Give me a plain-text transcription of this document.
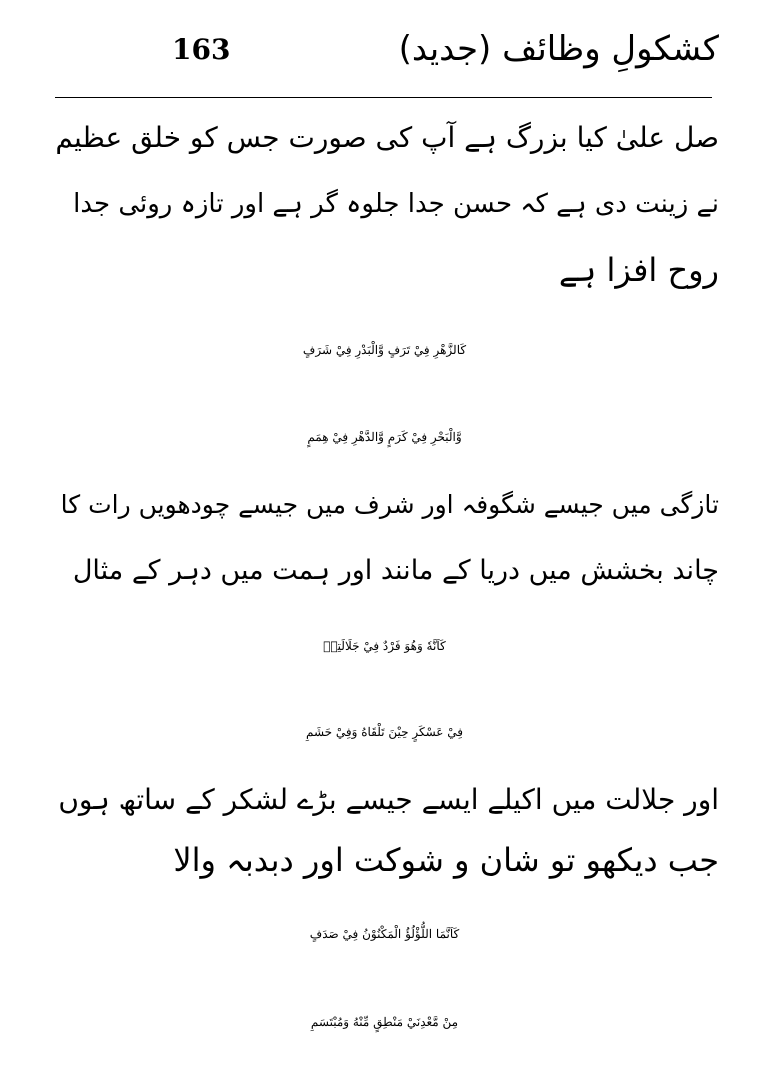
163	کشکولِ وظائف (جدید)
صل علیٰ کیا بزرگ ہے آپ کی صورت جس کو خلق عظیم
نے زینت دی ہے کہ حسن جدا جلوہ گر ہے اور تازہ روئی جدا
روح افزا ہے
كَالزَّهْرِ فِيْ تَرَفٍ وَّالْبَدْرِ فِيْ شَرَفٍ
وَّالْبَحْرِ فِيْ كَرَمٍ وَّالدَّهْرِ فِيْ هِمَمٍ
تازگی میں جیسے شگوفہ اور شرف میں جیسے چودھویں رات کا
چاند بخشش میں دریا کے مانند اور ہمت میں دہر کے مثال
كَاَنَّهٗ وَهُوَ فَرْدٌ فِيْ جَلَالَتِهٖ
فِيْ عَسْكَرٍ حِيْنَ تَلْقَاهُ وَفِيْ حَشَمِ
اور جلالت میں اکیلے ایسے جیسے بڑے لشکر کے ساتھ ہوں
جب دیکھو تو شان و شوکت اور دبدبہ والا
كَاَنَّمَا اللُّؤْلُؤُ الْمَكْنُوْنُ فِيْ صَدَفٍ
مِنْ مَّعْدِنَيْ مَنْطِقٍ مِّنْهُ وَمُبْتَسَمِ
